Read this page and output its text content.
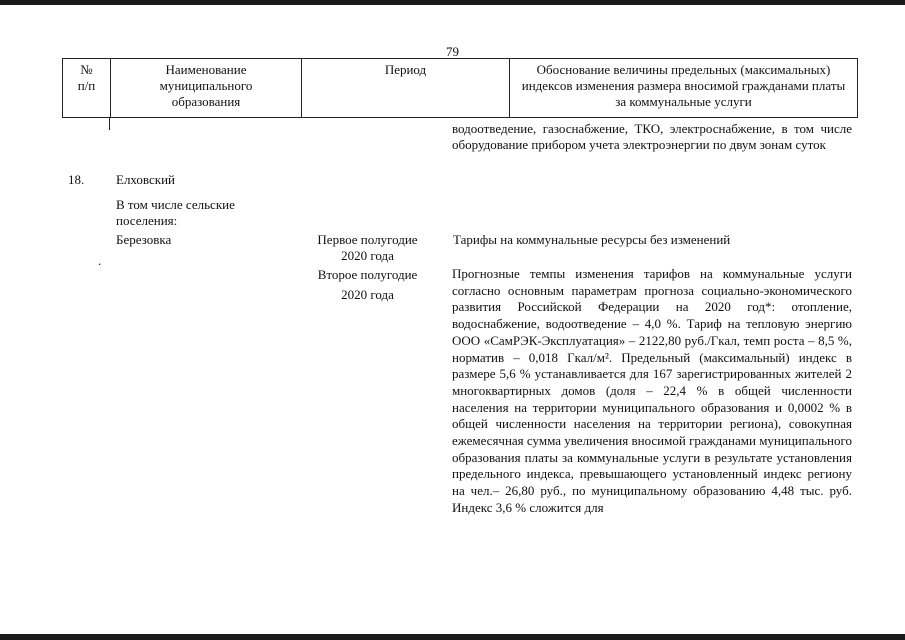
79
№
п/п
Наименование
муниципального
образования
Период	Обоснование величины предельных (максимальных)
индексов изменения размера вносимой гражданами платы
за коммунальные услуги
водоотведение, газоснабжение, ТКО, электроснабжение, в том числе оборудование прибором учета электроэнергии по двум зонам суток
18. Елховский
В том числе сельские поселения:
Березовка
.
Первое полугодие
2020 года
Тарифы на коммунальные ресурсы без изменений
Второе полугодие
2020 года
Прогнозные темпы изменения тарифов на коммунальные услуги согласно основным параметрам прогноза социально-экономического развития Российской Федерации на 2020 год*: отопление, водоснабжение, водоотведение – 4,0 %. Тариф на тепловую энергию ООО «СамРЭК-Эксплуатация» – 2122,80 руб./Гкал, темп роста – 8,5 %, норматив – 0,018 Гкал/м². Предельный (максимальный) индекс в размере 5,6 % устанавливается для 167 зарегистрированных жителей 2 многоквартирных домов (доля – 22,4 % в общей численности населения на территории муниципального образования и 0,0002 % в общей численности населения на территории региона), совокупная ежемесячная сумма увеличения вносимой гражданами муниципального образования платы за коммунальные услуги в результате установления предельного индекса, превышающего установленный индекс региону на чел.– 26,80 руб., по муниципальному образованию 4,48 тыс. руб. Индекс 3,6 % сложится для
